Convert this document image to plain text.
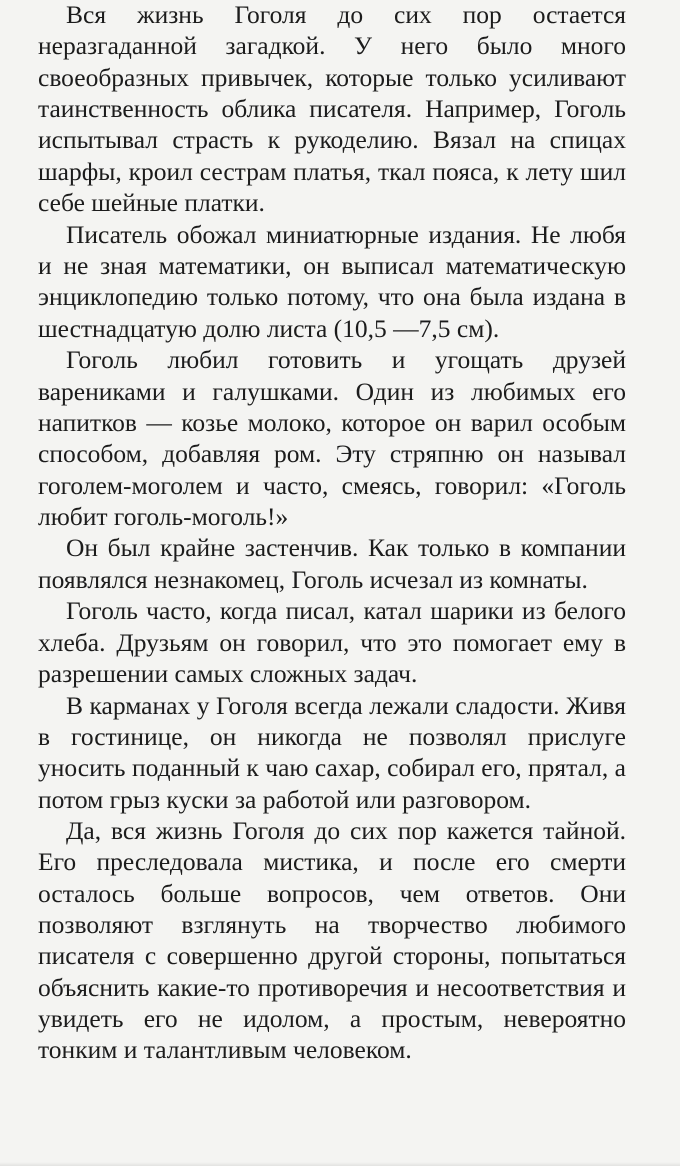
Вся жизнь Гоголя до сих пор остается неразгаданной загадкой. У него было много своеобразных привычек, которые только усиливают таинственность облика писателя. Например, Гоголь испытывал страсть к рукоделию. Вязал на спицах шарфы, кроил сестрам платья, ткал пояса, к лету шил себе шейные платки.

Писатель обожал миниатюрные издания. Не любя и не зная математики, он выписал математическую энциклопедию только потому, что она была издана в шестнадцатую долю листа (10,5 —7,5 см).

Гоголь любил готовить и угощать друзей варениками и галушками. Один из любимых его напитков — козье молоко, которое он варил особым способом, добавляя ром. Эту стряпню он называл гоголем-моголем и часто, смеясь, говорил: «Гоголь любит гоголь-моголь!»

Он был крайне застенчив. Как только в компании появлялся незнакомец, Гоголь исчезал из комнаты.

Гоголь часто, когда писал, катал шарики из белого хлеба. Друзьям он говорил, что это помогает ему в разрешении самых сложных задач.

В карманах у Гоголя всегда лежали сладости. Живя в гостинице, он никогда не позволял прислуге уносить поданный к чаю сахар, собирал его, прятал, а потом грыз куски за работой или разговором.

Да, вся жизнь Гоголя до сих пор кажется тайной. Его преследовала мистика, и после его смерти осталось больше вопросов, чем ответов. Они позволяют взглянуть на творчество любимого писателя с совершенно другой стороны, попытаться объяснить какие-то противоречия и несоответствия и увидеть его не идолом, а простым, невероятно тонким и талантливым человеком.
